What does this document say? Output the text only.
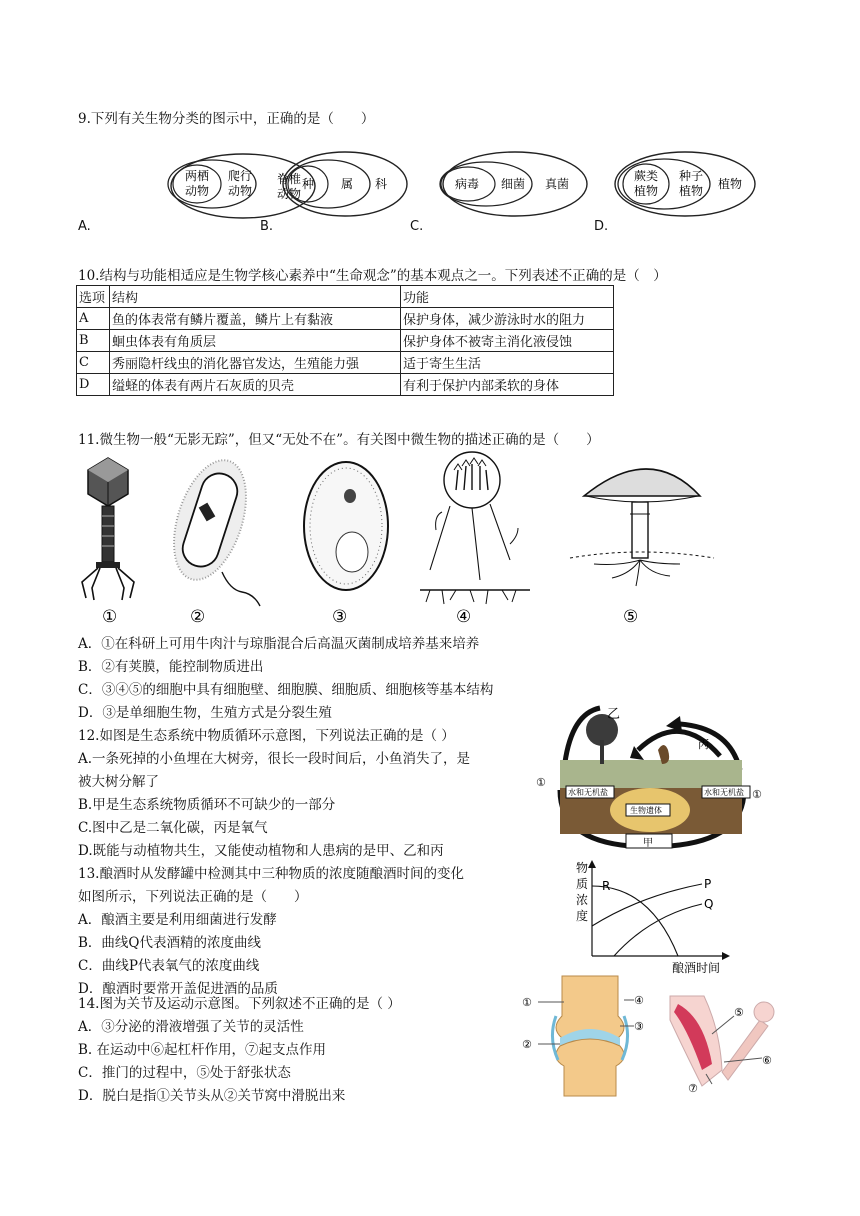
9.下列有关生物分类的图示中，正确的是（　　）
两栖
动物
爬行
动物
脊椎
动物
种 属 科	病毒 细菌 真菌
蕨类
植物
种子
植物 植物
A.	B.	C.	D.
10.结构与功能相适应是生物学核心素养中“生命观念”的基本观点之一。下列表述不正确的是（　）
选项	结构	功能
A	鱼的体表常有鳞片覆盖，鳞片上有黏液	保护身体，减少游泳时水的阻力
B	蛔虫体表有角质层	保护身体不被寄主消化液侵蚀
C	秀丽隐杆线虫的消化器官发达，生殖能力强	适于寄生生活
D	缢蛏的体表有两片石灰质的贝壳	有利于保护内部柔软的身体
11.微生物一般“无影无踪”，但又“无处不在”。有关图中微生物的描述正确的是（　　）
①	②	③	④	⑤
A．①在科研上可用牛肉汁与琼脂混合后高温灭菌制成培养基来培养
B．②有荚膜，能控制物质进出
C．③④⑤的细胞中具有细胞壁、细胞膜、细胞质、细胞核等基本结构
D．③是单细胞生物，生殖方式是分裂生殖
12.如图是生态系统中物质循环示意图，下列说法正确的是（ ）
A.一条死掉的小鱼埋在大树旁，很长一段时间后，小鱼消失了，是
被大树分解了
B.甲是生态系统物质循环不可缺少的一部分
C.图中乙是二氧化碳，丙是氧气
D.既能与动植物共生，又能使动植物和人患病的是甲、乙和丙
乙
丙
甲
①
①
水和无机盐	水和无机盐
生物遗体
13.酿酒时从发酵罐中检测其中三种物质的浓度随酿酒时间的变化
如图所示，下列说法正确的是（　　）
A．酿酒主要是利用细菌进行发酵
B．曲线Q代表酒精的浓度曲线
C．曲线P代表氧气的浓度曲线
D．酿酒时要常开盖促进酒的品质
物
质
浓
度
R	P
Q
酿酒时间
14.图为关节及运动示意图。下列叙述不正确的是（ ）
A．③分泌的滑液增强了关节的灵活性
B. 在运动中⑥起杠杆作用，⑦起支点作用
C．推门的过程中，⑤处于舒张状态
D．脱白是指①关节头从②关节窝中滑脱出来
①
②
③
④
⑤
⑥
⑦
